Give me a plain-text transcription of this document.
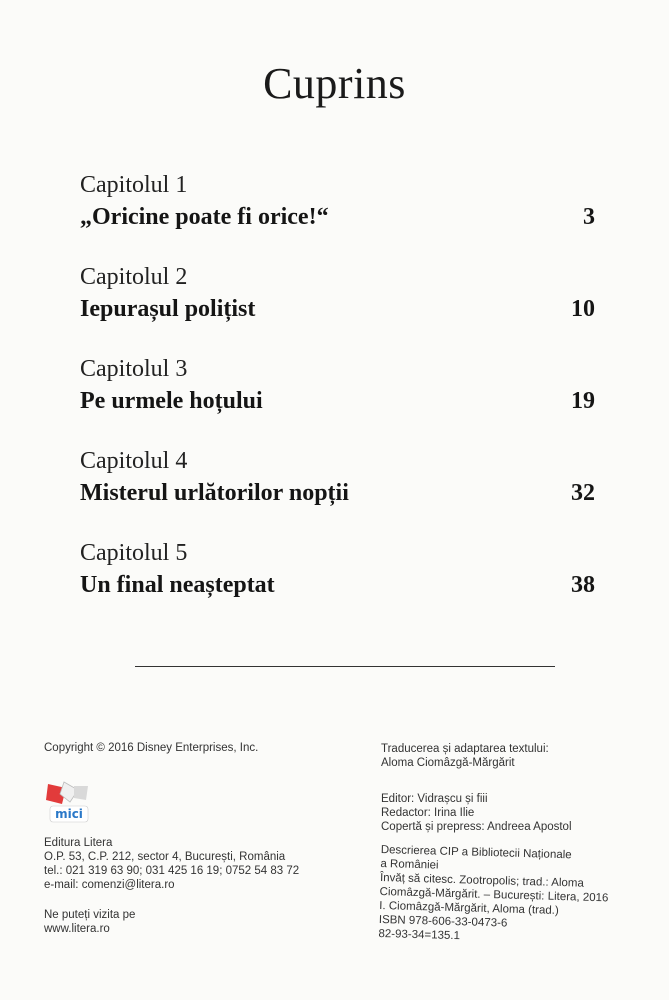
Cuprins
Capitolul 1
„Oricine poate fi orice!“	3
Capitolul 2
Iepurașul polițist	10
Capitolul 3
Pe urmele hoțului	19
Capitolul 4
Misterul urlătorilor nopții	32
Capitolul 5
Un final neașteptat	38
Copyright © 2016 Disney Enterprises, Inc.
mici
Editura Litera
O.P. 53, C.P. 212, sector 4, București, România
tel.: 021 319 63 90; 031 425 16 19; 0752 54 83 72
e-mail: comenzi@litera.ro
Ne puteți vizita pe
www.litera.ro
Traducerea și adaptarea textului:
Aloma Ciomâzgă-Mărgărit
Editor: Vidrașcu și fiii
Redactor: Irina Ilie
Copertă și prepress: Andreea Apostol
Descrierea CIP a Bibliotecii Naționale
a României
Învăț să citesc. Zootropolis; trad.: Aloma
Ciomâzgă-Mărgărit. – București: Litera, 2016
I. Ciomâzgă-Mărgărit, Aloma (trad.)
ISBN 978-606-33-0473-6
82-93-34=135.1
